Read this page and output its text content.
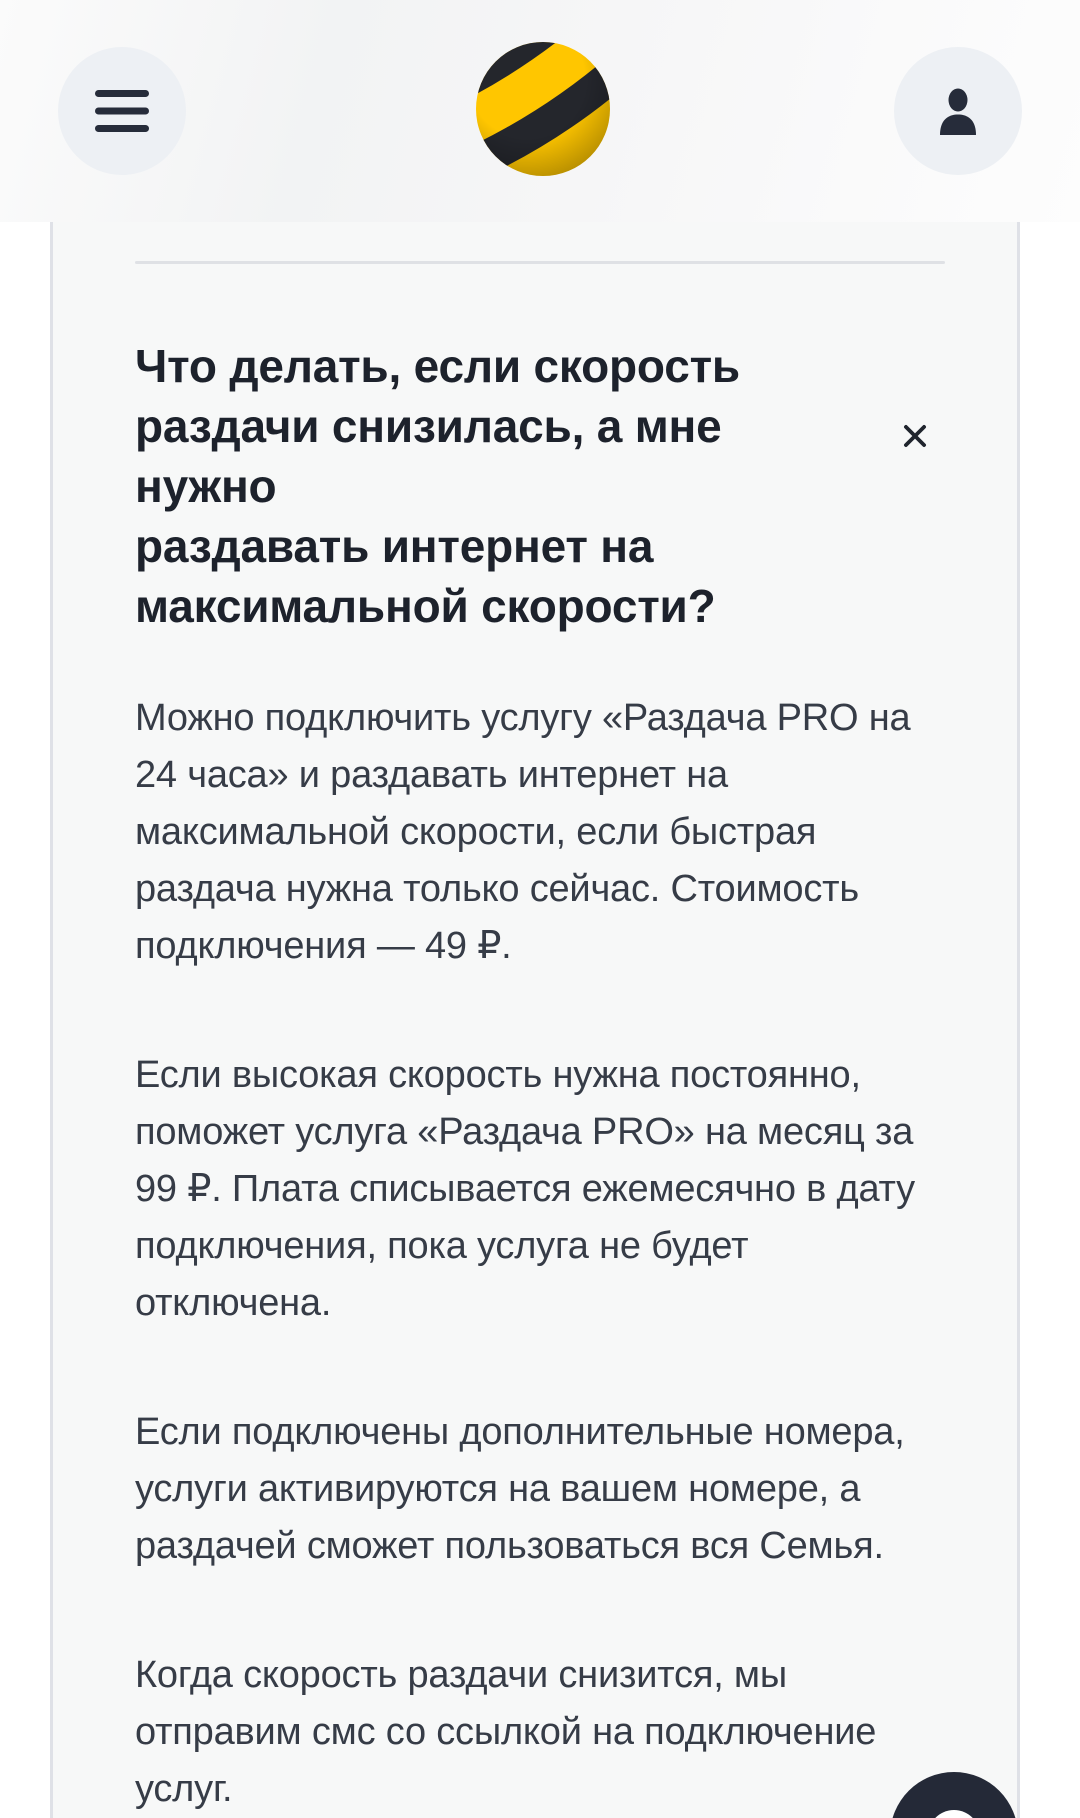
Что делать, если скорость
раздачи снизилась, а мне нужно
раздавать интернет на
максимальной скорости?
Можно подключить услугу «Раздача PRO на
24 часа» и раздавать интернет на
максимальной скорости, если быстрая
раздача нужна только сейчас. Стоимость
подключения — 49 ₽.
Если высокая скорость нужна постоянно,
поможет услуга «Раздача PRO» на месяц за
99 ₽. Плата списывается ежемесячно в дату
подключения, пока услуга не будет
отключена.
Если подключены дополнительные номера,
услуги активируются на вашем номере, а
раздачей сможет пользоваться вся Семья.
Когда скорость раздачи снизится, мы
отправим смс со ссылкой на подключение
услуг.
